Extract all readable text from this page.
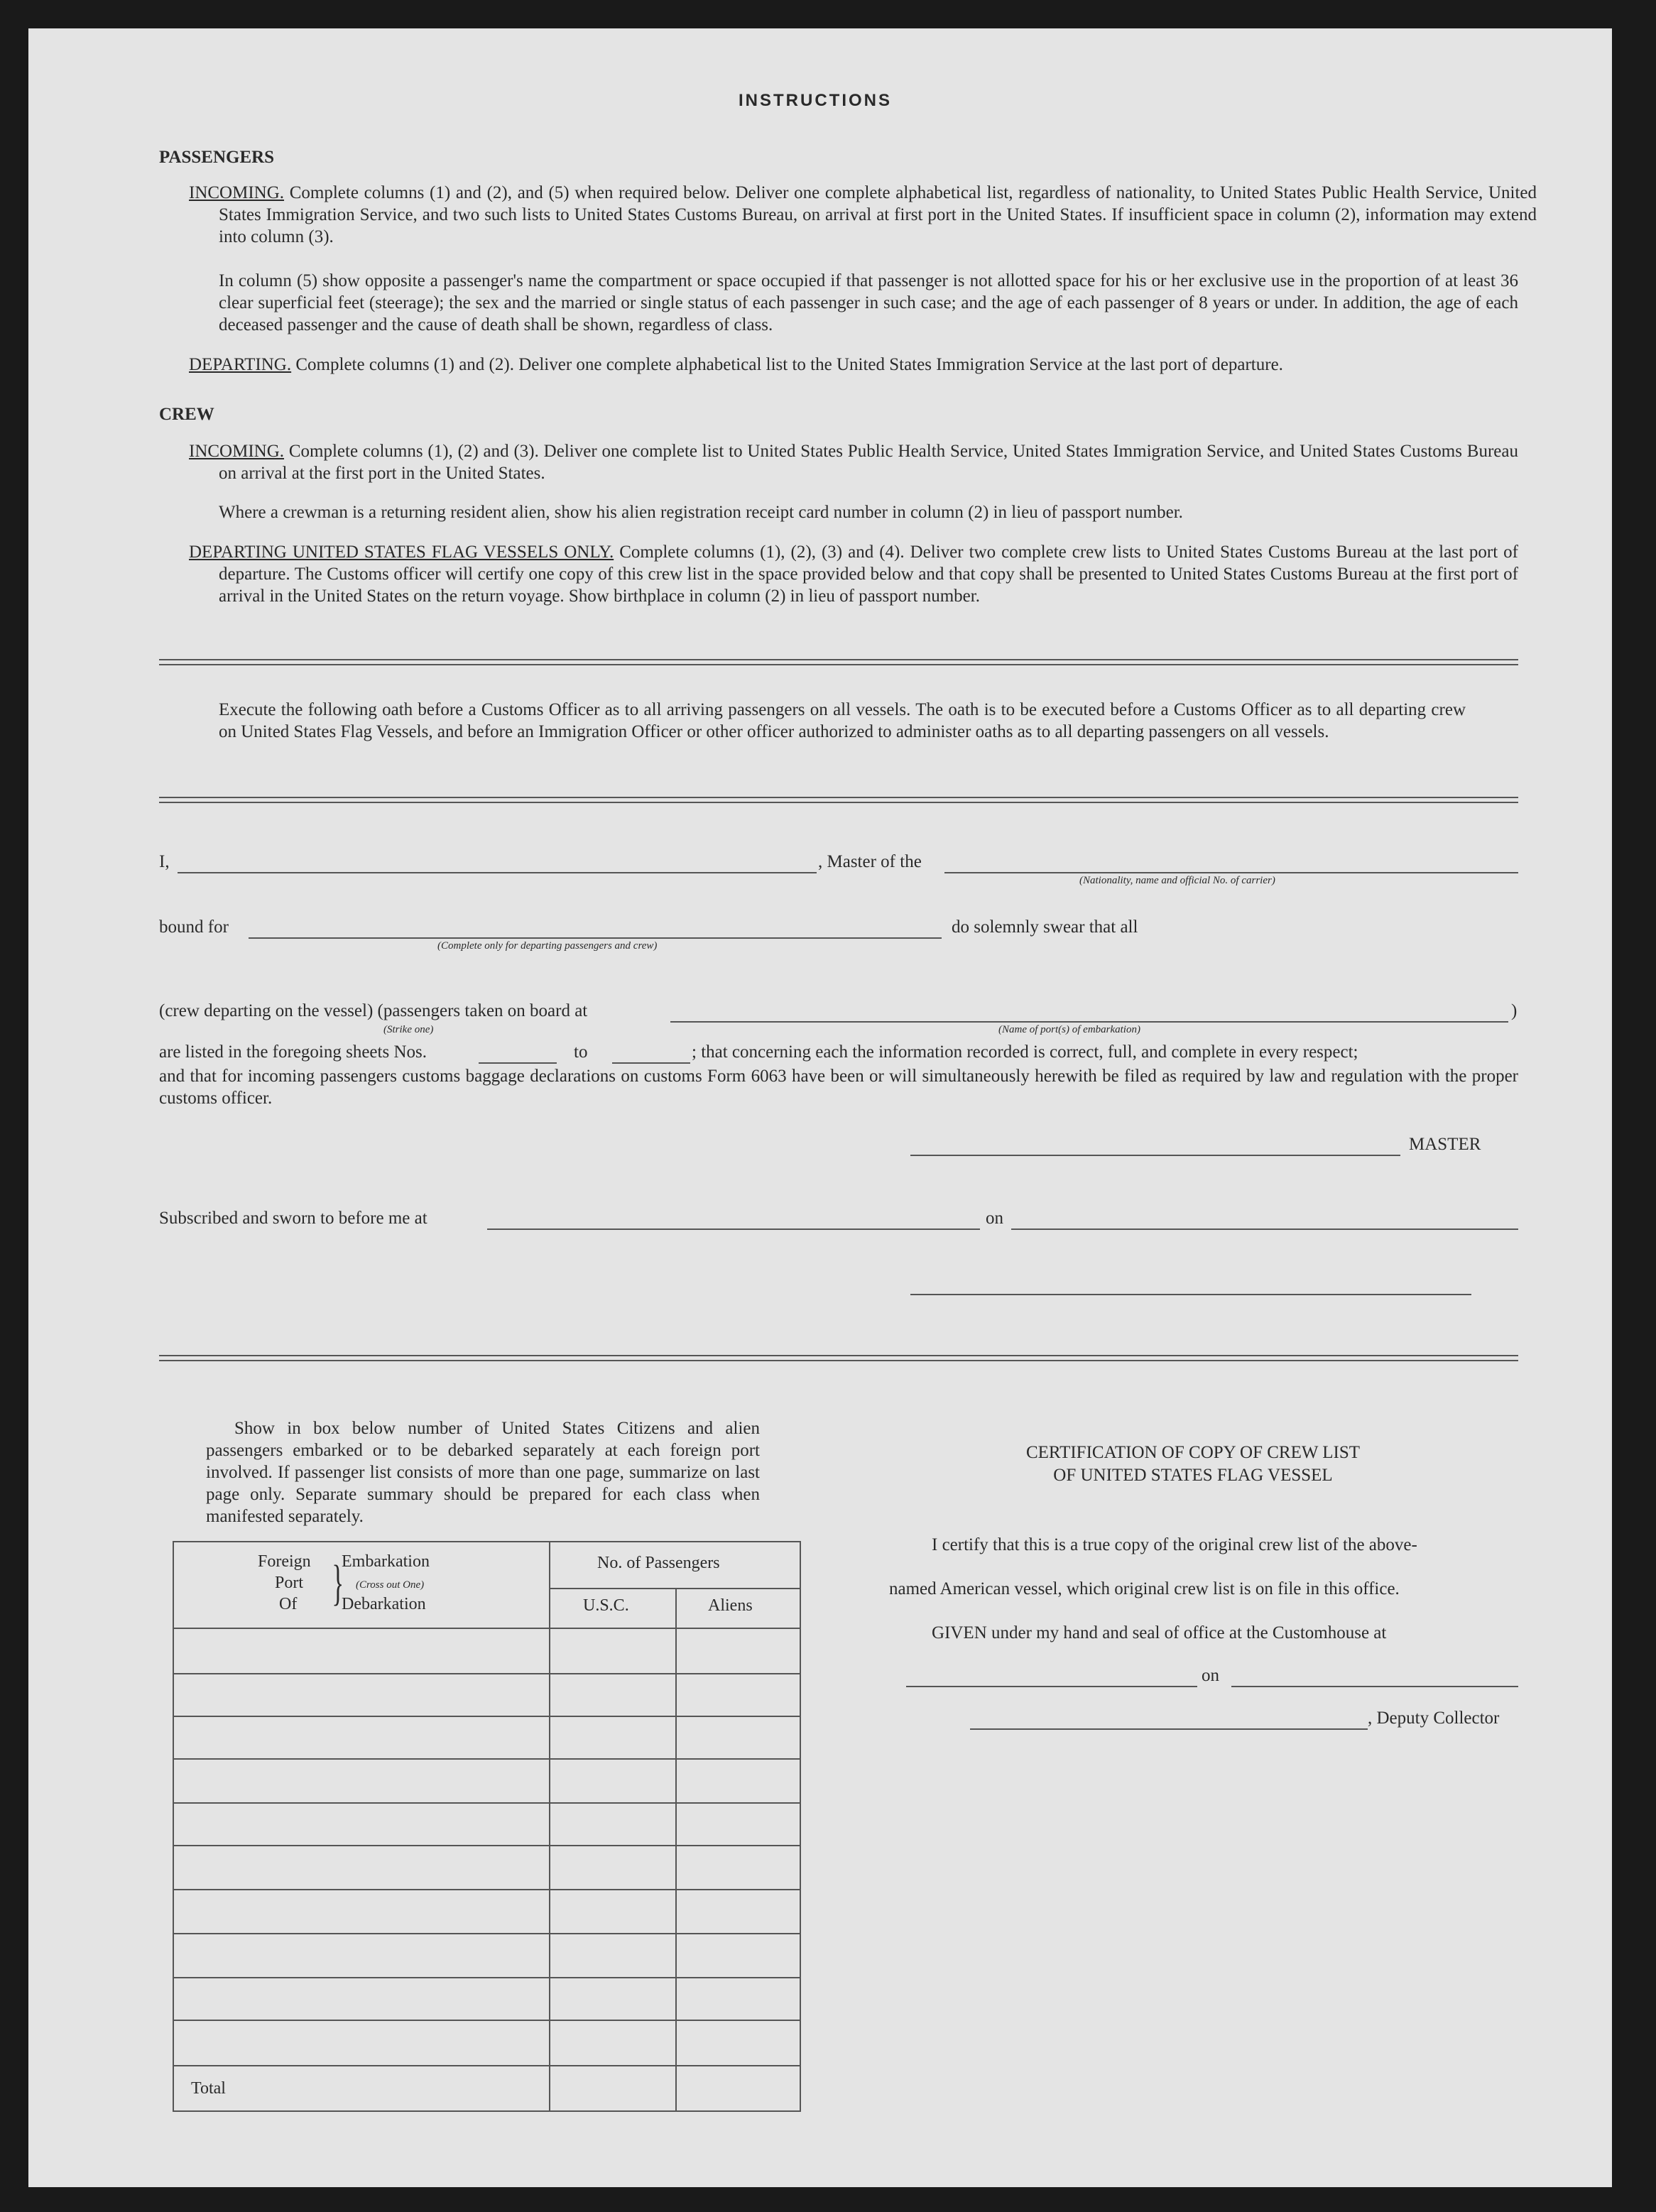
INSTRUCTIONS
PASSENGERS
INCOMING. Complete columns (1) and (2), and (5) when required below. Deliver one complete alphabetical list, regardless of nationality, to United States Public Health Service, United States Immigration Service, and two such lists to United States Customs Bureau, on arrival at first port in the United States. If insufficient space in column (2), information may extend into column (3).
In column (5) show opposite a passenger's name the compartment or space occupied if that passenger is not allotted space for his or her exclusive use in the proportion of at least 36 clear superficial feet (steerage); the sex and the married or single status of each passenger in such case; and the age of each passenger of 8 years or under. In addition, the age of each deceased passenger and the cause of death shall be shown, regardless of class.
DEPARTING. Complete columns (1) and (2). Deliver one complete alphabetical list to the United States Immigration Service at the last port of departure.
CREW
INCOMING. Complete columns (1), (2) and (3). Deliver one complete list to United States Public Health Service, United States Immigration Service, and United States Customs Bureau on arrival at the first port in the United States.
Where a crewman is a returning resident alien, show his alien registration receipt card number in column (2) in lieu of passport number.
DEPARTING UNITED STATES FLAG VESSELS ONLY. Complete columns (1), (2), (3) and (4). Deliver two complete crew lists to United States Customs Bureau at the last port of departure. The Customs officer will certify one copy of this crew list in the space provided below and that copy shall be presented to United States Customs Bureau at the first port of arrival in the United States on the return voyage. Show birthplace in column (2) in lieu of passport number.
Execute the following oath before a Customs Officer as to all arriving passengers on all vessels. The oath is to be executed before a Customs Officer as to all departing crew on United States Flag Vessels, and before an Immigration Officer or other officer authorized to administer oaths as to all departing passengers on all vessels.
I,	, Master of the
(Nationality, name and official No. of carrier)
bound for
(Complete only for departing passengers and crew)
do solemnly swear that all
(crew departing on the vessel) (passengers taken on board at	)
(Strike one)	(Name of port(s) of embarkation)
are listed in the foregoing sheets Nos.	to	; that concerning each the information recorded is correct, full, and complete in every respect;
and that for incoming passengers customs baggage declarations on customs Form 6063 have been or will simultaneously herewith be filed as required by law and regulation with the proper customs officer.
MASTER
Subscribed and sworn to before me at	on
Show in box below number of United States Citizens and alien passengers embarked or to be debarked separately at each foreign port involved. If passenger list consists of more than one page, summarize on last page only. Separate summary should be prepared for each class when manifested separately.
Foreign
Port
Of }
Embarkation
(Cross out One)
Debarkation
No. of Passengers
U.S.C.	Aliens
Total
CERTIFICATION OF COPY OF CREW LIST
OF UNITED STATES FLAG VESSEL
I certify that this is a true copy of the original crew list of the above-
named American vessel, which original crew list is on file in this office.
GIVEN under my hand and seal of office at the Customhouse at
on
, Deputy Collector
